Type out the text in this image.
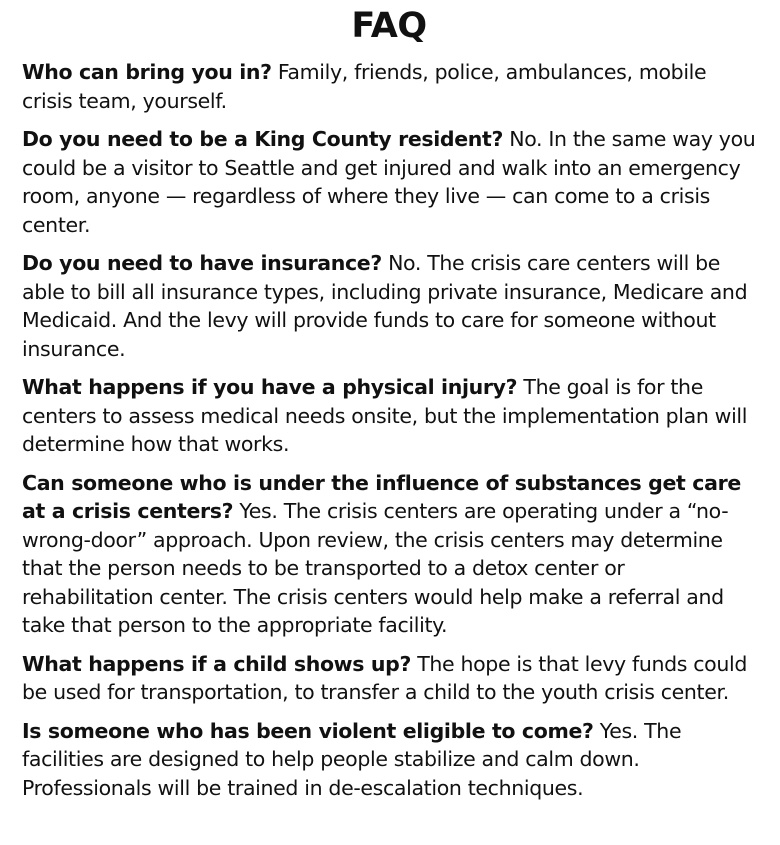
FAQ

Who can bring you in? Family, friends, police, ambulances, mobile crisis team, yourself.

Do you need to be a King County resident? No. In the same way you could be a visitor to Seattle and get injured and walk into an emergency room, anyone — regardless of where they live — can come to a crisis center.

Do you need to have insurance? No. The crisis care centers will be able to bill all insurance types, including private insurance, Medicare and Medicaid. And the levy will provide funds to care for someone without insurance.

What happens if you have a physical injury? The goal is for the centers to assess medical needs onsite, but the implementation plan will determine how that works.

Can someone who is under the influence of substances get care at a crisis centers? Yes. The crisis centers are operating under a “no-wrong-door” approach. Upon review, the crisis centers may determine that the person needs to be transported to a detox center or rehabilitation center. The crisis centers would help make a referral and take that person to the appropriate facility.

What happens if a child shows up? The hope is that levy funds could be used for transportation, to transfer a child to the youth crisis center.

Is someone who has been violent eligible to come? Yes. The facilities are designed to help people stabilize and calm down. Professionals will be trained in de-escalation techniques.
